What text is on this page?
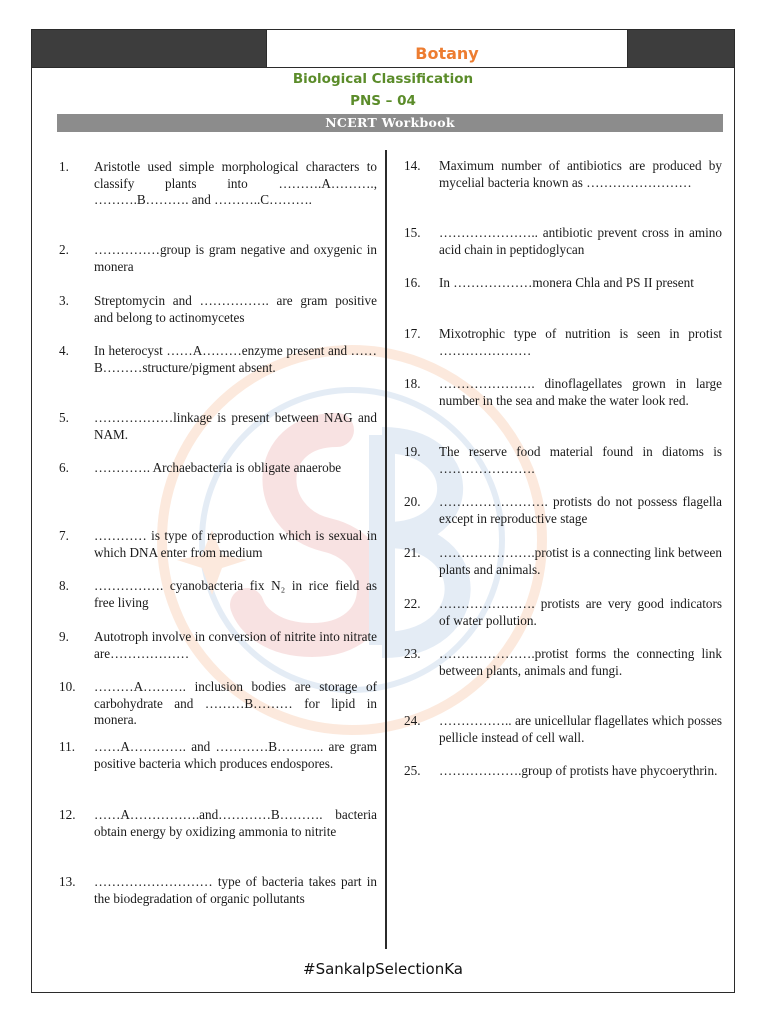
Botany
Biological Classification
PNS – 04
NCERT Workbook
1. Aristotle used simple morphological characters to classify plants into ……….A………., ……….B………. and ………..C……….
2. ……………group is gram negative and oxygenic in monera
3. Streptomycin and ……………. are gram positive and belong to actinomycetes
4. In heterocyst ……A………enzyme present and ……B………structure/pigment absent.
5. ………………linkage is present between NAG and NAM.
6. …………. Archaebacteria is obligate anaerobe
7. ………… is type of reproduction which is sexual in which DNA enter from medium
8. ……………. cyanobacteria fix N₂ in rice field as free living
9. Autotroph involve in conversion of nitrite into nitrate are………………
10. ………A………. inclusion bodies are storage of carbohydrate and ………B……… for lipid in monera.
11. ……A…………. and …………B……….. are gram positive bacteria which produces endospores.
12. ……A…………….and…………B………. bacteria obtain energy by oxidizing ammonia to nitrite
13. ……………………… type of bacteria takes part in the biodegradation of organic pollutants
14. Maximum number of antibiotics are produced by mycelial bacteria known as ……………………
15. ………………….. antibiotic prevent cross in amino acid chain in peptidoglycan
16. In ………………monera Chla and PS II present
17. Mixotrophic type of nutrition is seen in protist …………………
18. …………………. dinoflagellates grown in large number in the sea and make the water look red.
19. The reserve food material found in diatoms is ………………….
20. ……………………. protists do not possess flagella except in reproductive stage
21. ………………….protist is a connecting link between plants and animals.
22. …………………. protists are very good indicators of water pollution.
23. ………………….protist forms the connecting link between plants, animals and fungi.
24. …………….. are unicellular flagellates which posses pellicle instead of cell wall.
25. ……………….group of protists have phycoerythrin.
#SankalpSelectionKa
